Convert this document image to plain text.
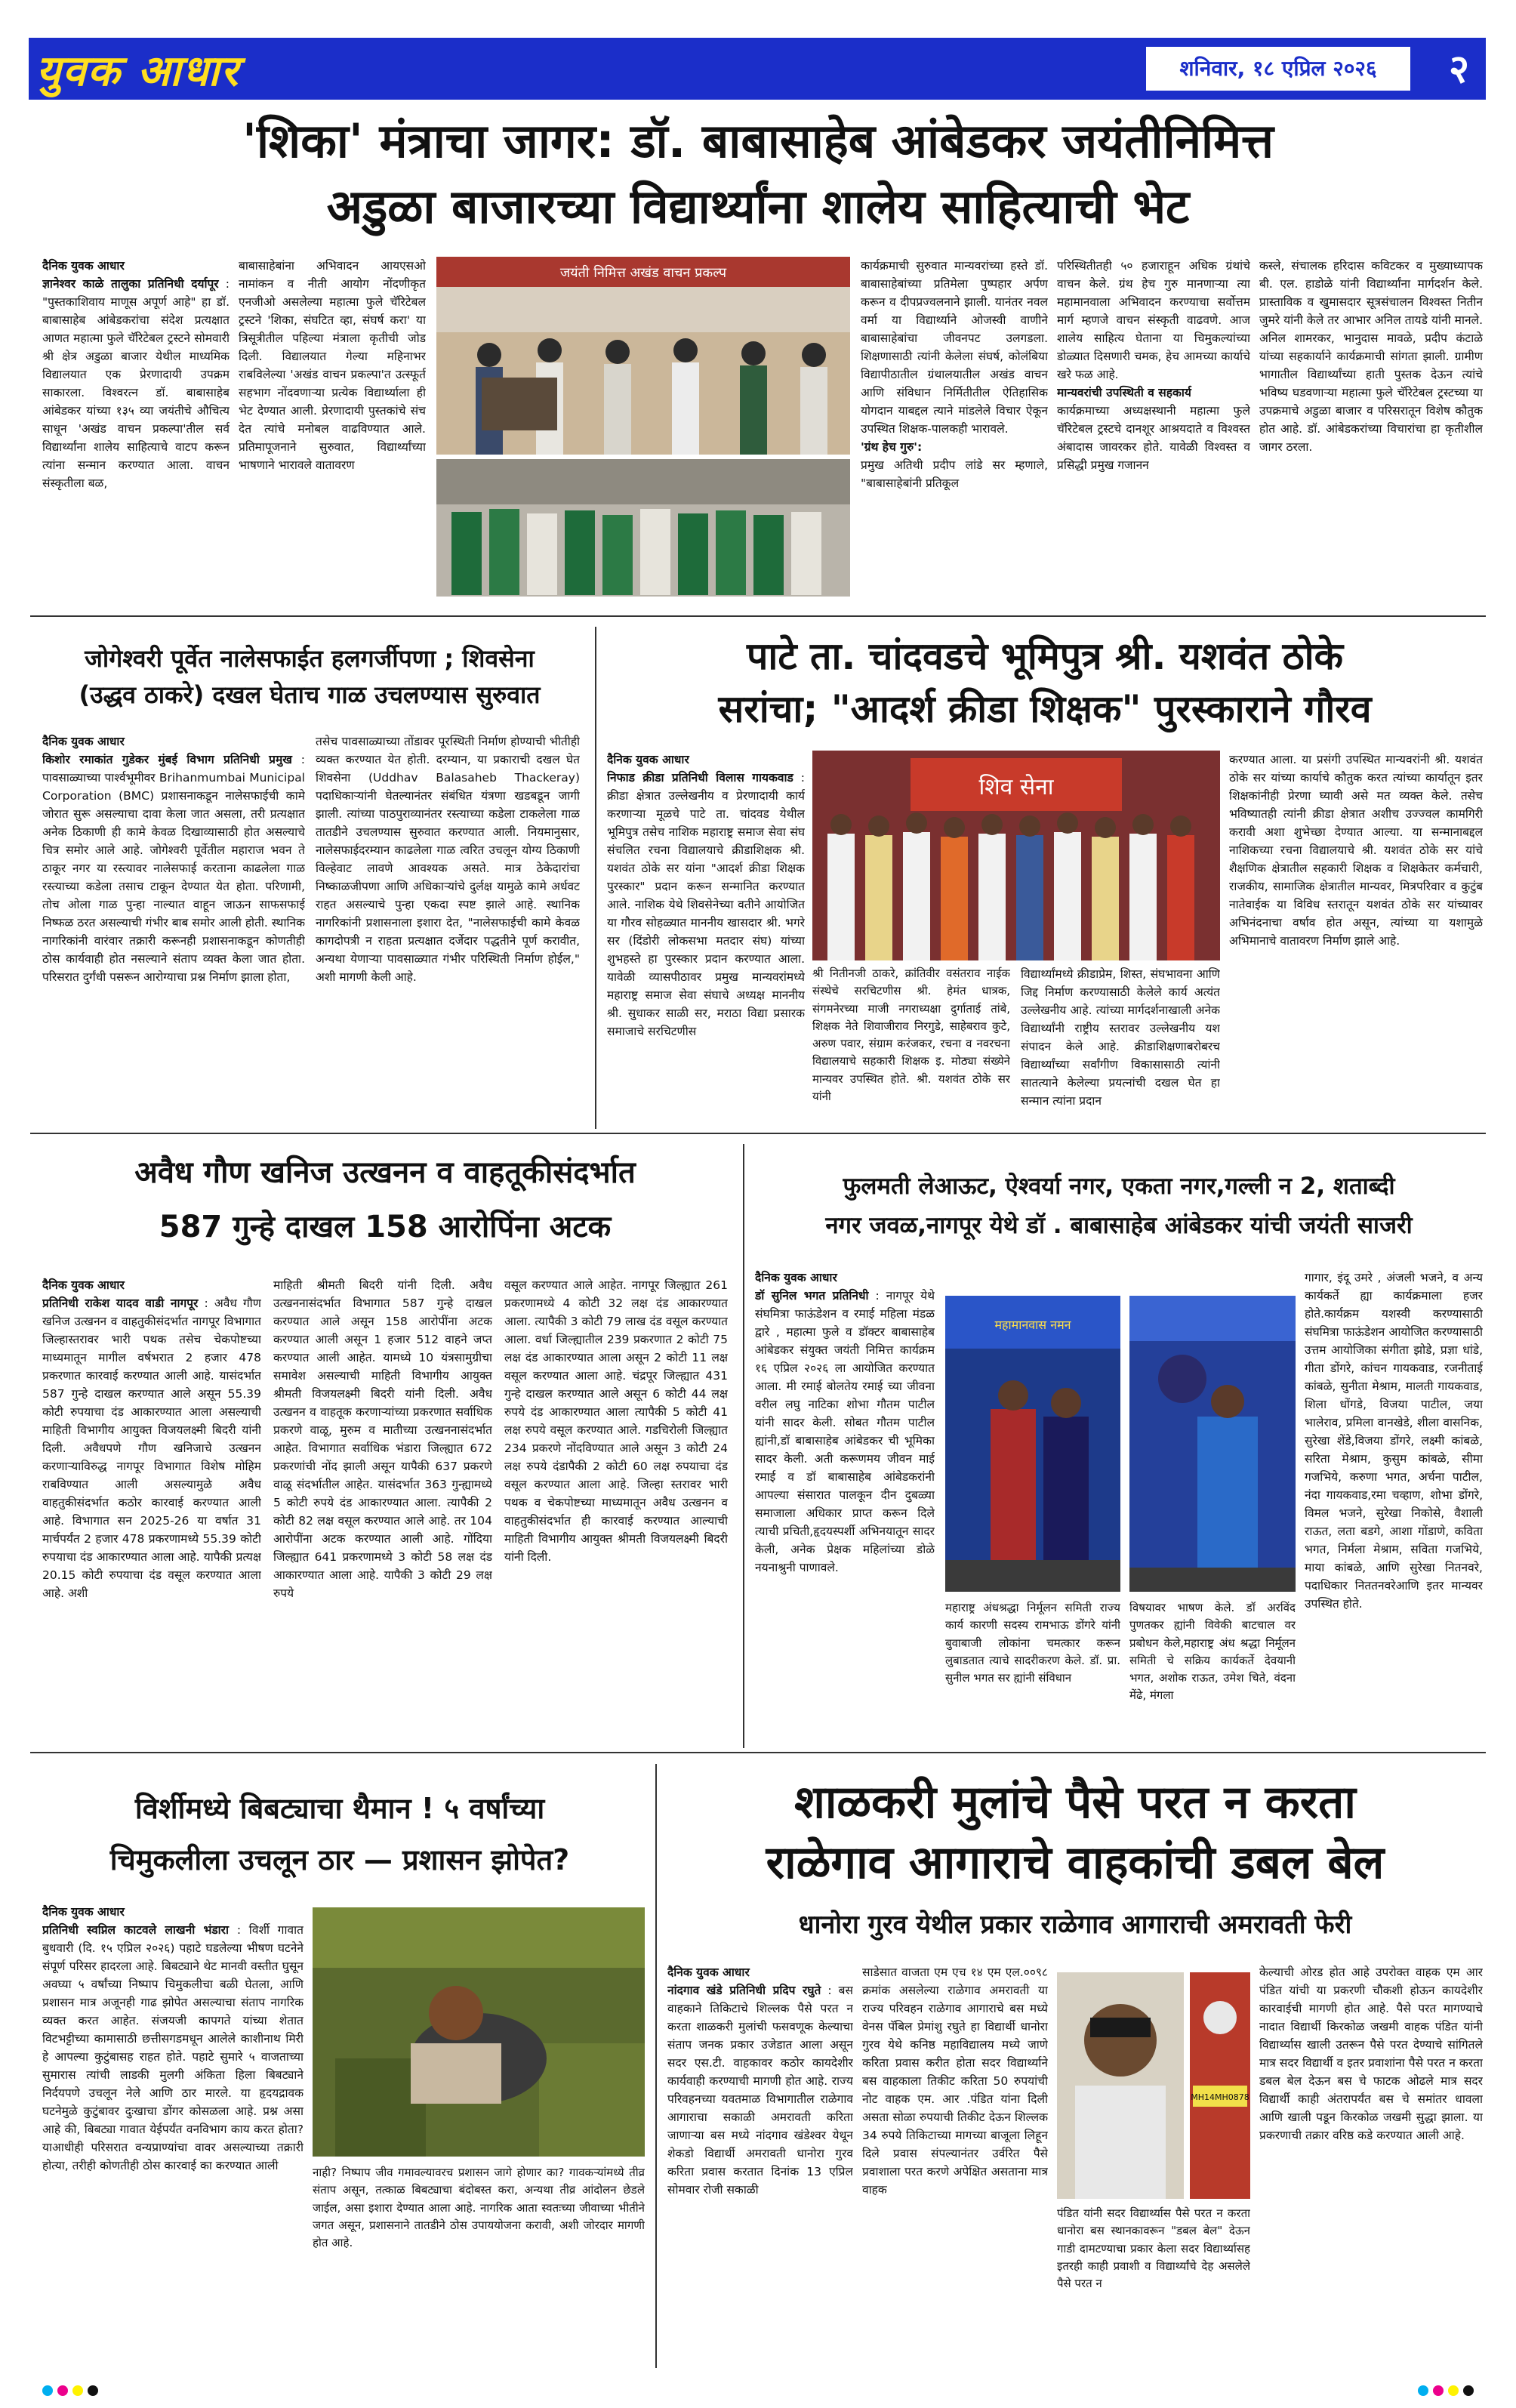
युवक आधार	शनिवार, १८ एप्रिल २०२६	२
'शिका' मंत्राचा जागर: डॉ. बाबासाहेब आंबेडकर जयंतीनिमित्त
अडुळा बाजारच्या विद्यार्थ्यांना शालेय साहित्याची भेट
दैनिक युवक आधार
ज्ञानेश्वर काळे तालुका प्रतिनिधी दर्यापूर : "पुस्तकाशिवाय माणूस अपूर्ण आहे" हा डॉ. बाबासाहेब आंबेडकरांचा संदेश प्रत्यक्षात आणत महात्मा फुले चॅरिटेबल ट्रस्टने सोमवारी श्री क्षेत्र अडुळा बाजार येथील माध्यमिक विद्यालयात एक प्रेरणादायी उपक्रम साकारला. विश्वरत्न डॉ. बाबासाहेब आंबेडकर यांच्या १३५ व्या जयंतीचे औचित्य साधून 'अखंड वाचन प्रकल्पा'तील सर्व विद्यार्थ्यांना शालेय साहित्याचे वाटप करून त्यांना सन्मान करण्यात आला. वाचन संस्कृतीला बळ,
बाबासाहेबांना अभिवादन आयएसओ नामांकन व नीती आयोग नोंदणीकृत एनजीओ असलेल्या महात्मा फुले चॅरिटेबल ट्रस्टने 'शिका, संघटित व्हा, संघर्ष करा' या त्रिसूत्रीतील पहिल्या मंत्राला कृतीची जोड दिली. विद्यालयात गेल्या महिनाभर राबविलेल्या 'अखंड वाचन प्रकल्पा'त उत्स्फूर्त सहभाग नोंदवणाऱ्या प्रत्येक विद्यार्थ्याला ही भेट देण्यात आली. प्रेरणादायी पुस्तकांचे संच देत त्यांचे मनोबल वाढविण्यात आले. प्रतिमापूजनाने सुरुवात, विद्यार्थ्यांच्या भाषणाने भारावले वातावरण
जयंती निमित्त अखंड वाचन प्रकल्प	कार्यक्रमाची सुरुवात मान्यवरांच्या हस्ते डॉ. बाबासाहेबांच्या प्रतिमेला पुष्पहार अर्पण करून व दीपप्रज्वलनाने झाली. यानंतर नवल वर्मा या विद्यार्थ्याने ओजस्वी वाणीने बाबासाहेबांचा जीवनपट उलगडला. शिक्षणासाठी त्यांनी केलेला संघर्ष, कोलंबिया विद्यापीठातील ग्रंथालयातील अखंड वाचन आणि संविधान निर्मितीतील ऐतिहासिक योगदान याबद्दल त्याने मांडलेले विचार ऐकून उपस्थित शिक्षक-पालकही भारावले.
'ग्रंथ हेच गुरु':
प्रमुख अतिथी प्रदीप लांडे सर म्हणाले, "बाबासाहेबांनी प्रतिकूल
परिस्थितीतही ५० हजाराहून अधिक ग्रंथांचे वाचन केले. ग्रंथ हेच गुरु मानणाऱ्या त्या महामानवाला अभिवादन करण्याचा सर्वोत्तम मार्ग म्हणजे वाचन संस्कृती वाढवणे. आज शालेय साहित्य घेताना या चिमुकल्यांच्या डोळ्यात दिसणारी चमक, हेच आमच्या कार्याचे खरे फळ आहे.
मान्यवरांची उपस्थिती व सहकार्य
कार्यक्रमाच्या अध्यक्षस्थानी महात्मा फुले चॅरिटेबल ट्रस्टचे दानशूर आश्रयदाते व विश्वस्त अंबादास जावरकर होते. यावेळी विश्वस्त व प्रसिद्धी प्रमुख गजानन
कस्ले, संचालक हरिदास कविटकर व मुख्याध्यापक बी. एल. हाडोळे यांनी विद्यार्थ्यांना मार्गदर्शन केले. प्रास्ताविक व खुमासदार सूत्रसंचालन विश्वस्त नितीन जुमरे यांनी केले तर आभार अनिल तायडे यांनी मानले. अनिल शामरकर, भानुदास मावळे, प्रदीप कंटाळे यांच्या सहकार्याने कार्यक्रमाची सांगता झाली. ग्रामीण भागातील विद्यार्थ्यांच्या हाती पुस्तक देऊन त्यांचे भविष्य घडवणाऱ्या महात्मा फुले चॅरिटेबल ट्रस्टच्या या उपक्रमाचे अडुळा बाजार व परिसरातून विशेष कौतुक होत आहे. डॉ. आंबेडकरांच्या विचारांचा हा कृतीशील जागर ठरला.
जोगेश्वरी पूर्वेत नालेसफाईत हलगर्जीपणा ; शिवसेना
(उद्धव ठाकरे) दखल घेताच गाळ उचलण्यास सुरुवात
दैनिक युवक आधार
किशोर रमाकांत गुडेकर मुंबई विभाग प्रतिनिधी प्रमुख : पावसाळ्याच्या पार्श्वभूमीवर Brihanmumbai Municipal Corporation (BMC) प्रशासनाकडून नालेसफाईची कामे जोरात सुरू असल्याचा दावा केला जात असला, तरी प्रत्यक्षात अनेक ठिकाणी ही कामे केवळ दिखाव्यासाठी होत असल्याचे चित्र समोर आले आहे. जोगेश्वरी पूर्वेतील महाराज भवन ते ठाकूर नगर या रस्त्यावर नालेसफाई करताना काढलेला गाळ रस्त्याच्या कडेला तसाच टाकून देण्यात येत होता. परिणामी, तोच ओला गाळ पुन्हा नाल्यात वाहून जाऊन साफसफाई निष्फळ ठरत असल्याची गंभीर बाब समोर आली होती. स्थानिक नागरिकांनी वारंवार तक्रारी करूनही प्रशासनाकडून कोणतीही ठोस कार्यवाही होत नसल्याने संताप व्यक्त केला जात होता. परिसरात दुर्गंधी पसरून आरोग्याचा प्रश्न निर्माण झाला होता,
तसेच पावसाळ्याच्या तोंडावर पूरस्थिती निर्माण होण्याची भीतीही व्यक्त करण्यात येत होती. दरम्यान, या प्रकाराची दखल घेत शिवसेना (Uddhav Balasaheb Thackeray) पदाधिकाऱ्यांनी घेतल्यानंतर संबंधित यंत्रणा खडबडून जागी झाली. त्यांच्या पाठपुराव्यानंतर रस्त्याच्या कडेला टाकलेला गाळ तातडीने उचलण्यास सुरुवात करण्यात आली. नियमानुसार, नालेसफाईदरम्यान काढलेला गाळ त्वरित उचलून योग्य ठिकाणी विल्हेवाट लावणे आवश्यक असते. मात्र ठेकेदारांचा निष्काळजीपणा आणि अधिकाऱ्यांचे दुर्लक्ष यामुळे कामे अर्धवट राहत असल्याचे पुन्हा एकदा स्पष्ट झाले आहे. स्थानिक नागरिकांनी प्रशासनाला इशारा देत, "नालेसफाईची कामे केवळ कागदोपत्री न राहता प्रत्यक्षात दर्जेदार पद्धतीने पूर्ण करावीत, अन्यथा येणाऱ्या पावसाळ्यात गंभीर परिस्थिती निर्माण होईल," अशी मागणी केली आहे.
पाटे ता. चांदवडचे भूमिपुत्र श्री. यशवंत ठोके
सरांचा; "आदर्श क्रीडा शिक्षक" पुरस्काराने गौरव
दैनिक युवक आधार
निफाड क्रीडा प्रतिनिधी विलास गायकवाड : क्रीडा क्षेत्रात उल्लेखनीय व प्रेरणादायी कार्य करणाऱ्या मूळचे पाटे ता. चांदवड येथील भूमिपुत्र तसेच नाशिक महाराष्ट्र समाज सेवा संघ संचलित रचना विद्यालयाचे क्रीडाशिक्षक श्री. यशवंत ठोके सर यांना "आदर्श क्रीडा शिक्षक पुरस्कार" प्रदान करून सन्मानित करण्यात आले. नाशिक येथे शिवसेनेच्या वतीने आयोजित या गौरव सोहळ्यात माननीय खासदार श्री. भगरे सर (दिंडोरी लोकसभा मतदार संघ) यांच्या शुभहस्ते हा पुरस्कार प्रदान करण्यात आला. यावेळी व्यासपीठावर प्रमुख मान्यवरांमध्ये महाराष्ट्र समाज सेवा संघाचे अध्यक्ष माननीय श्री. सुधाकर साळी सर, मराठा विद्या प्रसारक समाजाचे सरचिटणीस
शिव सेना
श्री नितीनजी ठाकरे, क्रांतिवीर वसंतराव नाईक संस्थेचे सरचिटणीस श्री. हेमंत धात्रक, संगमनेरच्या माजी नगराध्यक्षा दुर्गाताई तांबे, शिक्षक नेते शिवाजीराव निरगुडे, साहेबराव कुटे, अरुण पवार, संग्राम करंजकर, रचना व नवरचना विद्यालयाचे सहकारी शिक्षक इ. मोठ्या संख्येने मान्यवर उपस्थित होते. श्री. यशवंत ठोके सर यांनी
विद्यार्थ्यांमध्ये क्रीडाप्रेम, शिस्त, संघभावना आणि जिद्द निर्माण करण्यासाठी केलेले कार्य अत्यंत उल्लेखनीय आहे. त्यांच्या मार्गदर्शनाखाली अनेक विद्यार्थ्यांनी राष्ट्रीय स्तरावर उल्लेखनीय यश संपादन केले आहे. क्रीडाशिक्षणाबरोबरच विद्यार्थ्यांच्या सर्वांगीण विकासासाठी त्यांनी सातत्याने केलेल्या प्रयत्नांची दखल घेत हा सन्मान त्यांना प्रदान
करण्यात आला. या प्रसंगी उपस्थित मान्यवरांनी श्री. यशवंत ठोके सर यांच्या कार्याचे कौतुक करत त्यांच्या कार्यातून इतर शिक्षकांनीही प्रेरणा घ्यावी असे मत व्यक्त केले. तसेच भविष्यातही त्यांनी क्रीडा क्षेत्रात अशीच उज्ज्वल कामगिरी करावी अशा शुभेच्छा देण्यात आल्या. या सन्मानाबद्दल नाशिकच्या रचना विद्यालयाचे श्री. यशवंत ठोके सर यांचे शैक्षणिक क्षेत्रातील सहकारी शिक्षक व शिक्षकेतर कर्मचारी, राजकीय, सामाजिक क्षेत्रातील मान्यवर, मित्रपरिवार व कुटुंब नातेवाईक या विविध स्तरातून यशवंत ठोके सर यांच्यावर अभिनंदनाचा वर्षाव होत असून, त्यांच्या या यशामुळे अभिमानाचे वातावरण निर्माण झाले आहे.
अवैध गौण खनिज उत्खनन व वाहतूकीसंदर्भात
587 गुन्हे दाखल 158 आरोपिंना अटक
दैनिक युवक आधार
प्रतिनिधी राकेश यादव वाडी नागपूर : अवैध गौण खनिज उत्खनन व वाहतुकीसंदर्भात नागपूर विभागात जिल्हास्तरावर भारी पथक तसेच चेकपोष्टच्या माध्यमातून मागील वर्षभरात 2 हजार 478 प्रकरणात कारवाई करण्यात आली आहे. यासंदर्भात 587 गुन्हे दाखल करण्यात आले असून 55.39 कोटी रुपयाचा दंड आकारण्यात आला असल्याची माहिती विभागीय आयुक्त विजयलक्ष्मी बिदरी यांनी दिली. अवैधपणे गौण खनिजाचे उत्खनन करणाऱ्याविरुद्ध नागपूर विभागात विशेष मोहिम राबविण्यात आली असल्यामुळे अवैध वाहतुकीसंदर्भात कठोर कारवाई करण्यात आली आहे. विभागात सन 2025-26 या वर्षात 31 मार्चपर्यंत 2 हजार 478 प्रकरणामध्ये 55.39 कोटी रुपयाचा दंड आकारण्यात आला आहे. यापैकी प्रत्यक्ष 20.15 कोटी रुपयाचा दंड वसूल करण्यात आला आहे. अशी
माहिती श्रीमती बिदरी यांनी दिली. अवैध उत्खननासंदर्भात विभागात 587 गुन्हे दाखल करण्यात आले असून 158 आरोपींना अटक करण्यात आली असून 1 हजार 512 वाहने जप्त करण्यात आली आहेत. यामध्ये 10 यंत्रसामुग्रीचा समावेश असल्याची माहिती विभागीय आयुक्त श्रीमती विजयलक्ष्मी बिदरी यांनी दिली. अवैध उत्खनन व वाहतूक करणाऱ्यांच्या प्रकरणात सर्वाधिक प्रकरणे वाळू, मुरुम व मातीच्या उत्खननासंदर्भात आहेत. विभागात सर्वाधिक भंडारा जिल्ह्यात 672 प्रकरणांची नोंद झाली असून यापैकी 637 प्रकरणे वाळू संदर्भातील आहेत. यासंदर्भात 363 गुन्ह्यामध्ये 5 कोटी रुपये दंड आकारण्यात आला. त्यापैकी 2 कोटी 82 लक्ष वसूल करण्यात आले आहे. तर 104 आरोपींना अटक करण्यात आली आहे. गोंदिया जिल्ह्यात 641 प्रकरणामध्ये 3 कोटी 58 लक्ष दंड आकारण्यात आला आहे. यापैकी 3 कोटी 29 लक्ष रुपये
वसूल करण्यात आले आहेत. नागपूर जिल्ह्यात 261 प्रकरणामध्ये 4 कोटी 32 लक्ष दंड आकारण्यात आला. त्यापैकी 3 कोटी 79 लाख दंड वसूल करण्यात आला. वर्धा जिल्ह्यातील 239 प्रकरणात 2 कोटी 75 लक्ष दंड आकारण्यात आला असून 2 कोटी 11 लक्ष वसूल करण्यात आला आहे. चंद्रपूर जिल्ह्यात 431 गुन्हे दाखल करण्यात आले असून 6 कोटी 44 लक्ष रुपये दंड आकारण्यात आला त्यापैकी 5 कोटी 41 लक्ष रुपये वसूल करण्यात आले. गडचिरोली जिल्ह्यात 234 प्रकरणे नोंदविण्यात आले असून 3 कोटी 24 लक्ष रुपये दंडापैकी 2 कोटी 60 लक्ष रुपयाचा दंड वसूल करण्यात आला आहे. जिल्हा स्तरावर भारी पथक व चेकपोष्टच्या माध्यमातून अवैध उत्खनन व वाहतुकीसंदर्भात ही कारवाई करण्यात आल्याची माहिती विभागीय आयुक्त श्रीमती विजयलक्ष्मी बिदरी यांनी दिली.
फुलमती लेआऊट, ऐश्वर्या नगर, एकता नगर,गल्ली न 2, शताब्दी
नगर जवळ,नागपूर येथे डॉ . बाबासाहेब आंबेडकर यांची जयंती साजरी
दैनिक युवक आधार
डॉ सुनिल भगत प्रतिनिधी : नागपूर येथे संघमित्रा फाऊंडेशन व रमाई महिला मंडळ द्वारे , महात्मा फुले व डॉक्टर बाबासाहेब आंबेडकर संयुक्त जयंती निमित्त कार्यक्रम १६ एप्रिल २०२६ ला आयोजित करण्यात आला. मी रमाई बोलतेय रमाई च्या जीवना वरील लघु नाटिका शोभा गौतम पाटील यांनी सादर केली. सोबत गौतम पाटील ह्यांनी,डॉ बाबासाहेब आंबेडकर ची भूमिका सादर केली. अती करूणमय जीवन माई रमाई व डॉ बाबासाहेब आंबेडकरांनी आपल्या संसारात पालकून दीन दुबळ्या समाजाला अधिकार प्राप्त करून दिले त्याची प्रचिती,हृदयस्पर्शी अभिनयातून सादर केली, अनेक प्रेक्षक महिलांच्या डोळे नयनाश्रुनी पाणावले.
महामानवास नमन
महाराष्ट्र अंधश्रद्धा निर्मूलन समिती राज्य कार्य कारणी सदस्य रामभाऊ डोंगरे यांनी बुवाबाजी लोकांना चमत्कार करून लुबाडतात त्याचे सादरीकरण केले. डॉ. प्रा. सुनील भगत सर ह्यांनी संविधान
विषयावर भाषण केले. डॉ अरविंद पुणतकर ह्यांनी विवेकी बाटचाल वर प्रबोधन केले,महाराष्ट्र अंध श्रद्धा निर्मूलन समिती चे सक्रिय कार्यकर्ते देवयानी भगत, अशोक राऊत, उमेश चिते, वंदना मेंढे, मंगला
गागार, इंदू उमरे , अंजली भजने, व अन्य कार्यकर्ते ह्या कार्यक्रमाला हजर होते.कार्यक्रम यशस्वी करण्यासाठी संघमित्रा फाऊंडेशन आयोजित करण्यासाठी उत्तम आयोजिका संगीता झोडे, प्रज्ञा धांडे, गीता डोंगरे, कांचन गायकवाड, रजनीताई कांबळे, सुनीता मेश्राम, मालती गायकवाड, शिला धोंगडे, विजया पाटील, जया भालेराव, प्रमिला वानखेडे, शीला वासनिक, सुरेखा शेंडे,विजया डोंगरे, लक्ष्मी कांबळे, सरिता मेश्राम, कुसुम कांबळे, सीमा गजभिये, करुणा भगत, अर्चना पाटील, नंदा गायकवाड,रमा चव्हाण, शोभा डोंगरे, विमल भजने, सुरेखा निकोसे, वैशाली राऊत, लता बडगे, आशा गोंडाणे, कविता भगत, निर्मला मेश्राम, सविता गजभिये, माया कांबळे, आणि सुरेखा नितनवरे, पदाधिकार निततनवरेआणि इतर मान्यवर उपस्थित होते.
विर्शीमध्ये बिबट्याचा थैमान ! ५ वर्षांच्या
चिमुकलीला उचलून ठार — प्रशासन झोपेत?
दैनिक युवक आधार
प्रतिनिधी स्वप्निल काटवले लाखनी भंडारा : विर्शी गावात बुधवारी (दि. १५ एप्रिल २०२६) पहाटे घडलेल्या भीषण घटनेने संपूर्ण परिसर हादरला आहे. बिबट्याने थेट मानवी वस्तीत घुसून अवघ्या ५ वर्षांच्या निष्पाप चिमुकलीचा बळी घेतला, आणि प्रशासन मात्र अजूनही गाढ झोपेत असल्याचा संताप नागरिक व्यक्त करत आहेत. संजयजी कापगते यांच्या शेतात विटभट्टीच्या कामासाठी छत्तीसगडमधून आलेले काशीनाथ मिरी हे आपल्या कुटुंबासह राहत होते. पहाटे सुमारे ५ वाजताच्या सुमारास त्यांची लाडकी मुलगी अंकिता हिला बिबट्याने निर्दयपणे उचलून नेले आणि ठार मारले. या हृदयद्रावक घटनेमुळे कुटुंबावर दुःखाचा डोंगर कोसळला आहे. प्रश्न असा आहे की, बिबट्या गावात येईपर्यंत वनविभाग काय करत होता? याआधीही परिसरात वन्यप्राण्यांचा वावर असल्याच्या तक्रारी होत्या, तरीही कोणतीही ठोस कारवाई का करण्यात आली	नाही? निष्पाप जीव गमावल्यावरच प्रशासन जागे होणार का? गावकऱ्यांमध्ये तीव्र संताप असून, तत्काळ बिबट्याचा बंदोबस्त करा, अन्यथा तीव्र आंदोलन छेडले जाईल, असा इशारा देण्यात आला आहे. नागरिक आता स्वतःच्या जीवाच्या भीतीने जगत असून, प्रशासनाने तातडीने ठोस उपाययोजना करावी, अशी जोरदार मागणी होत आहे.
शाळकरी मुलांचे पैसे परत न करता
राळेगाव आगाराचे वाहकांची डबल बेल
धानोरा गुरव येथील प्रकार राळेगाव आगाराची अमरावती फेरी
दैनिक युवक आधार
नांदगाव खंडे प्रतिनिधी प्रदिप रघुते : बस वाहकाने तिकिटाचे शिल्लक पैसे परत न करता शाळकरी मुलांची फसवणूक केल्याचा संताप जनक प्रकार उजेडात आला असून सदर एस.टी. वाहकावर कठोर कायदेशीर कार्यवाही करण्याची मागणी होत आहे. राज्य परिवहनच्या यवतमाळ विभागातील राळेगाव आगाराचा सकाळी अमरावती करिता जाणाऱ्या बस मध्ये नांदगाव खंडेश्वर येथून शेकडो विद्यार्थी अमरावती धानोरा गुरव करिता प्रवास करतात दिनांक 13 एप्रिल सोमवार रोजी सकाळी
साडेसात वाजता एम एच १४ एम एल.००९८ क्रमांक असलेल्या राळेगाव अमरावती या राज्य परिवहन राळेगाव आगाराचे बस मध्ये वेनस पॅबिल प्रेमांशु रघुते हा विद्यार्थी धानोरा गुरव येथे कनिष्ठ महाविद्यालय मध्ये जाणे करिता प्रवास करीत होता सदर विद्यार्थ्याने बस वाहकाला तिकीट करिता 50 रुपयांची नोट वाहक एम. आर .पंडित यांना दिली असता सोळा रुपयाची तिकीट देऊन शिल्लक 34 रुपये तिकिटाच्या मागच्या बाजूला लिहून दिले प्रवास संपल्यानंतर उर्वरित पैसे प्रवाशाला परत करणे अपेक्षित असताना मात्र वाहक
MH14MH0878
पंडित यांनी सदर विद्यार्थ्यास पैसे परत न करता धानोरा बस स्थानकावरून "डबल बेल" देऊन गाडी दामटण्याचा प्रकार केला सदर विद्यार्थ्यासह इतरही काही प्रवाशी व विद्यार्थ्यांचे देह असलेले पैसे परत न
केल्याची ओरड होत आहे उपरोक्त वाहक एम आर पंडित यांची या प्रकरणी चौकशी होऊन कायदेशीर कारवाईची मागणी होत आहे. पैसे परत मागण्याचे नादात विद्यार्थी किरकोळ जखमी वाहक पंडित यांनी विद्यार्थ्यास खाली उतरून पैसे परत देण्याचे सांगितले मात्र सदर विद्यार्थी व इतर प्रवाशांना पैसे परत न करता डबल बेल देऊन बस चे फाटक ओढले मात्र सदर विद्यार्थी काही अंतरापर्यंत बस चे समांतर धावला आणि खाली पडून किरकोळ जखमी सुद्धा झाला. या प्रकरणाची तक्रार वरिष्ठ कडे करण्यात आली आहे.
